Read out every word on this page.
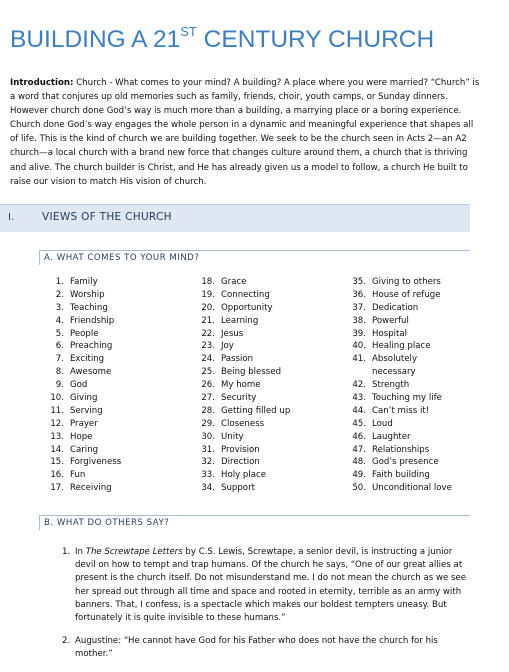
BUILDING A 21ST CENTURY CHURCH

Introduction: Church - What comes to your mind? A building? A place where you were married? “Church” is a word that conjures up old memories such as family, friends, choir, youth camps, or Sunday dinners. However church done God’s way is much more than a building, a marrying place or a boring experience. Church done God’s way engages the whole person in a dynamic and meaningful experience that shapes all of life. This is the kind of church we are building together. We seek to be the church seen in Acts 2—an A2 church—a local church with a brand new force that changes culture around them, a church that is thriving and alive. The church builder is Christ, and He has already given us a model to follow, a church He built to raise our vision to match His vision of church.

I.	VIEWS OF THE CHURCH
A. WHAT COMES TO YOUR MIND?
1. Family
2. Worship
3. Teaching
4. Friendship
5. People
6. Preaching
7. Exciting
8. Awesome
9. God
10. Giving
11. Serving
12. Prayer
13. Hope
14. Caring
15. Forgiveness
16. Fun
17. Receiving
18. Grace
19. Connecting
20. Opportunity
21. Learning
22. Jesus
23. Joy
24. Passion
25. Being blessed
26. My home
27. Security
28. Getting filled up
29. Closeness
30. Unity
31. Provision
32. Direction
33. Holy place
34. Support
35. Giving to others
36. House of refuge
37. Dedication
38. Powerful
39. Hospital
40. Healing place
41. Absolutely necessary
42. Strength
43. Touching my life
44. Can’t miss it!
45. Loud
46. Laughter
47. Relationships
48. God’s presence
49. Faith building
50. Unconditional love
B. WHAT DO OTHERS SAY?
1. In The Screwtape Letters by C.S. Lewis, Screwtape, a senior devil, is instructing a junior devil on how to tempt and trap humans. Of the church he says, “One of our great allies at present is the church itself. Do not misunderstand me. I do not mean the church as we see her spread out through all time and space and rooted in eternity, terrible as an army with banners. That, I confess, is a spectacle which makes our boldest tempters uneasy. But fortunately it is quite invisible to these humans.”
2. Augustine: “He cannot have God for his Father who does not have the church for his mother.”
